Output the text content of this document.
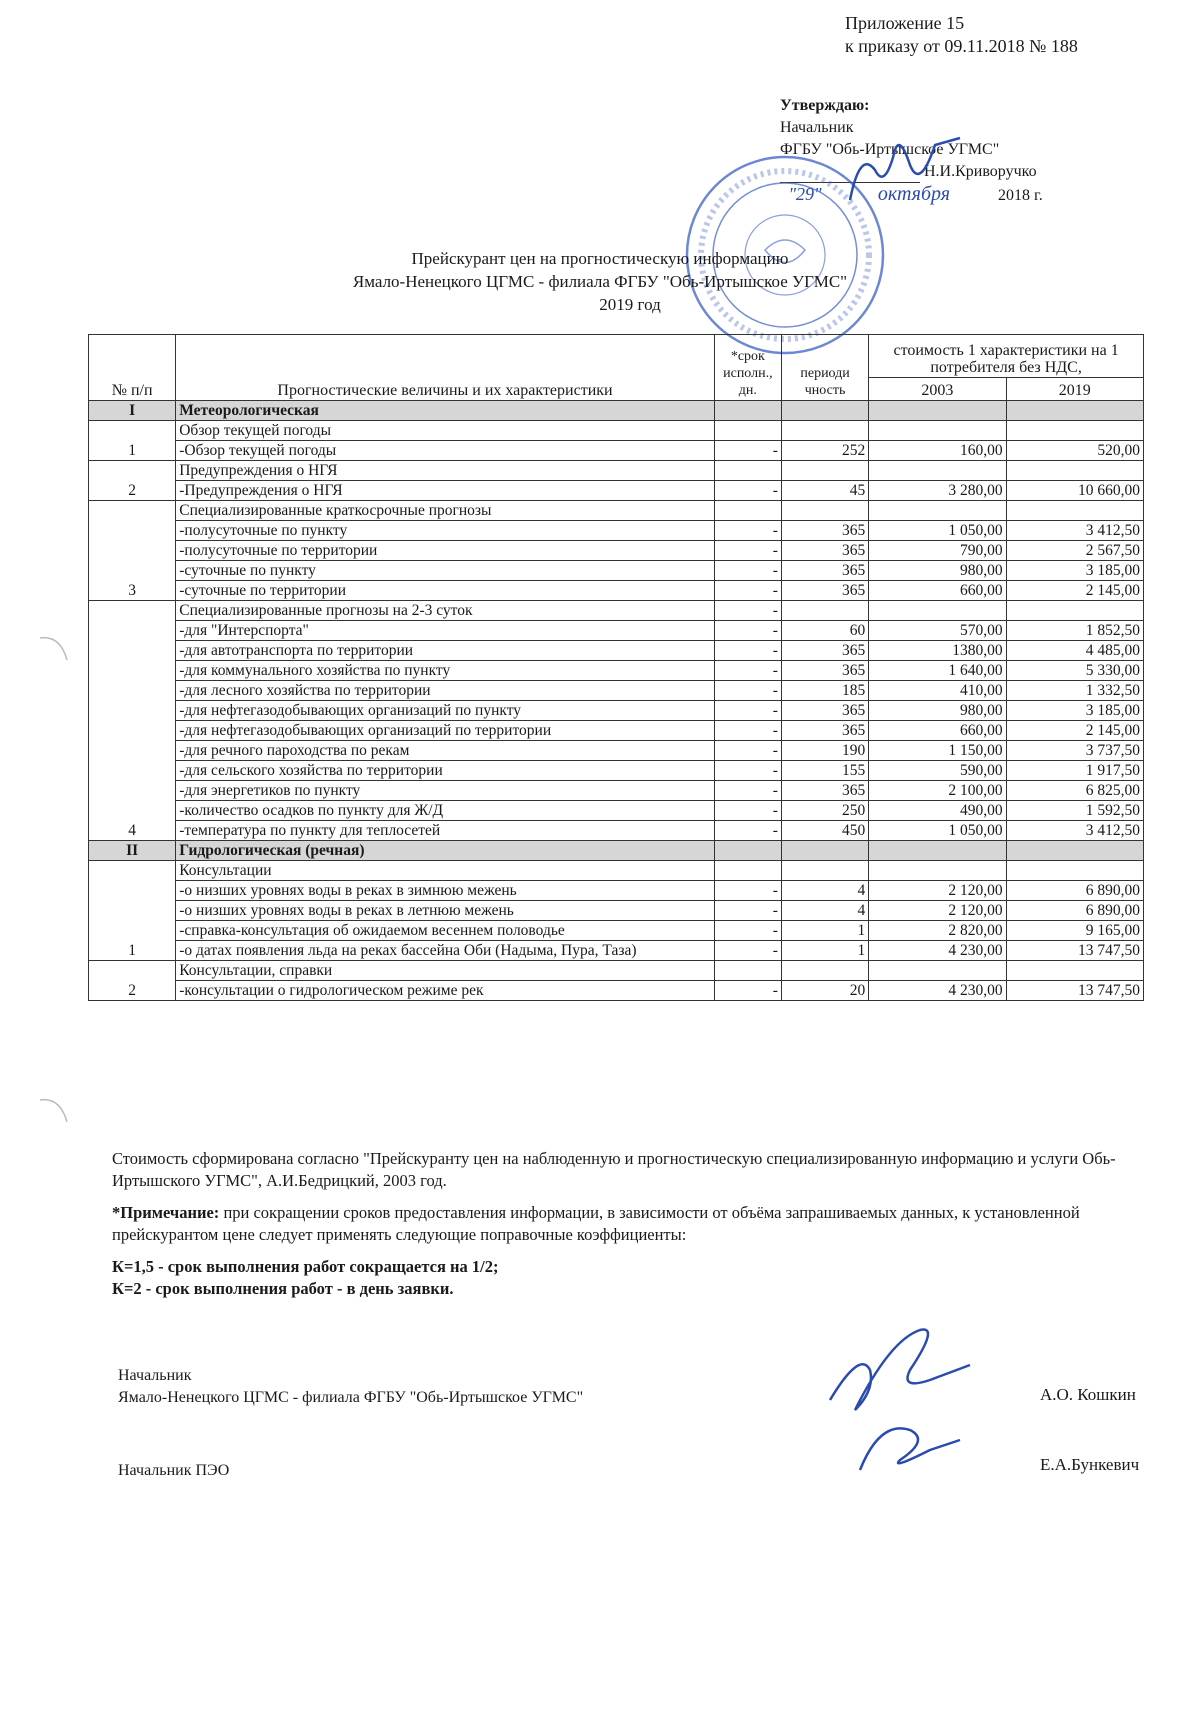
Приложение 15
к приказу от 09.11.2018 № 188
Утверждаю:
Начальник
ФГБУ "Обь-Иртышское УГМС"
Н.И.Криворучко
"29"	октября	2018 г.
Прейскурант цен на прогностическую информацию
Ямало-Ненецкого ЦГМС - филиала ФГБУ "Обь-Иртышское УГМС"
2019 год
№ п/п	Прогностические величины и их характеристики	*срок исполн., дн.	периоди чность	стоимость 1 характеристики на 1 потребителя без НДС,	
				2003	2019
I	Метеорологическая				
1	Обзор текущей погоды				
	-Обзор текущей погоды	-	252	160,00	520,00
2	Предупреждения о НГЯ				
	-Предупреждения о НГЯ	-	45	3 280,00	10 660,00
3	Специализированные краткосрочные прогнозы				
	-полусуточные по пункту	-	365	1 050,00	3 412,50
	-полусуточные по территории	-	365	790,00	2 567,50
	-суточные по пункту	-	365	980,00	3 185,00
	-суточные по территории	-	365	660,00	2 145,00
4	Специализированные прогнозы на 2-3 суток	-			
	-для "Интерспорта"	-	60	570,00	1 852,50
	-для автотранспорта по территории	-	365	1380,00	4 485,00
	-для коммунального хозяйства по пункту	-	365	1 640,00	5 330,00
	-для лесного хозяйства по территории	-	185	410,00	1 332,50
	-для нефтегазодобывающих организаций по пункту	-	365	980,00	3 185,00
	-для нефтегазодобывающих организаций по территории	-	365	660,00	2 145,00
	-для речного пароходства по рекам	-	190	1 150,00	3 737,50
	-для сельского хозяйства по территории	-	155	590,00	1 917,50
	-для энергетиков по пункту	-	365	2 100,00	6 825,00
	-количество осадков по пункту для Ж/Д	-	250	490,00	1 592,50
	-температура по пункту для теплосетей	-	450	1 050,00	3 412,50
II	Гидрологическая (речная)				
1	Консультации				
	-о низших уровнях воды в реках в зимнюю межень	-	4	2 120,00	6 890,00
	-о низших уровнях воды в реках в летнюю межень	-	4	2 120,00	6 890,00
	-справка-консультация об ожидаемом весеннем половодье	-	1	2 820,00	9 165,00
	-о датах появления льда на реках бассейна Оби (Надыма, Пура, Таза)	-	1	4 230,00	13 747,50
2	Консультации, справки				
	-консультации о гидрологическом режиме рек	-	20	4 230,00	13 747,50

Стоимость сформирована согласно "Прейскуранту цен на наблюденную и прогностическую специализированную информацию и услуги Обь-Иртышского УГМС", А.И.Бедрицкий, 2003 год.

*Примечание: при сокращении сроков предоставления информации, в зависимости от объёма запрашиваемых данных, к установленной прейскурантом цене следует применять следующие поправочные коэффициенты:

К=1,5 - срок выполнения работ сокращается на 1/2;
К=2 - срок выполнения работ - в день заявки.
Начальник
Ямало-Ненецкого ЦГМС - филиала ФГБУ "Обь-Иртышское УГМС"	А.О. Кошкин
Начальник ПЭО	Е.А.Бункевич
